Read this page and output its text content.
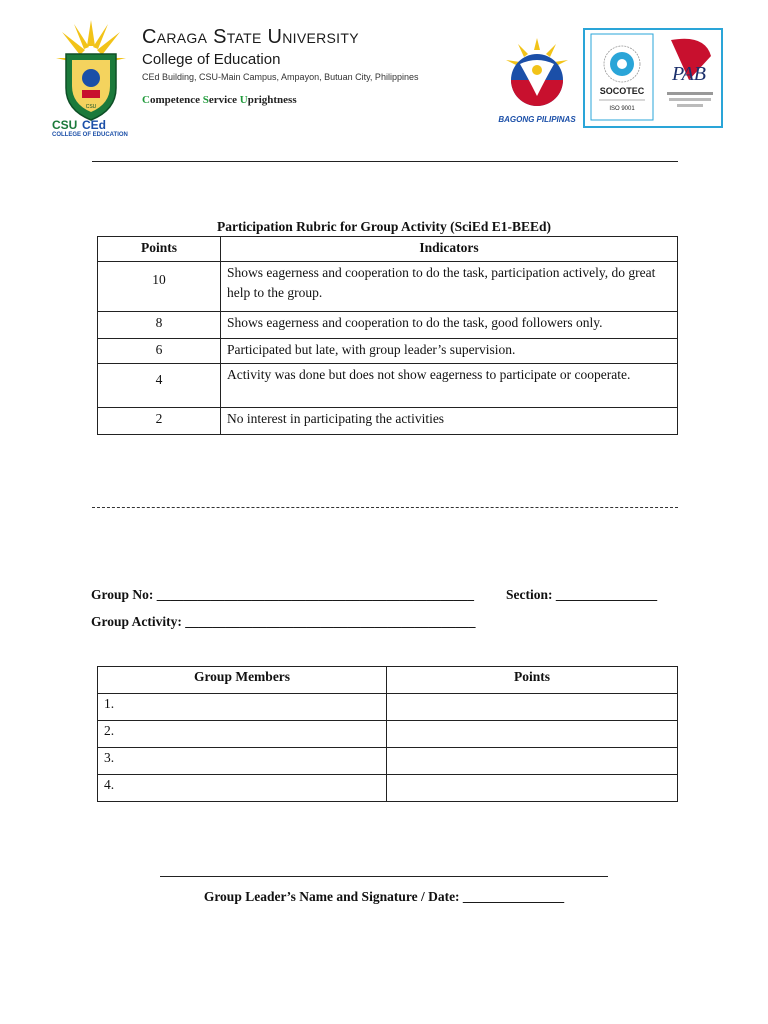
CSU
CSU CEd
COLLEGE OF EDUCATION
Caraga State University
College of Education
CEd Building, CSU-Main Campus, Ampayon, Butuan City, Philippines
Competence Service Uprightness
BAGONG PILIPINAS
SOCOTEC
ISO 9001
PAB
Participation Rubric for Group Activity (SciEd E1-BEEd)
Points	Indicators
10	Shows eagerness and cooperation to do the task, participation actively, do great help to the group.
8	Shows eagerness and cooperation to do the task, good followers only.
6	Participated but late, with group leader’s supervision.
4	Activity was done but does not show eagerness to participate or cooperate.
2	No interest in participating the activities
Group No: _______________________________________________ Section: _______________
Group Activity: ___________________________________________
Group Members	Points
1.	
2.	
3.	
4.	
Group Leader’s Name and Signature / Date: _______________
